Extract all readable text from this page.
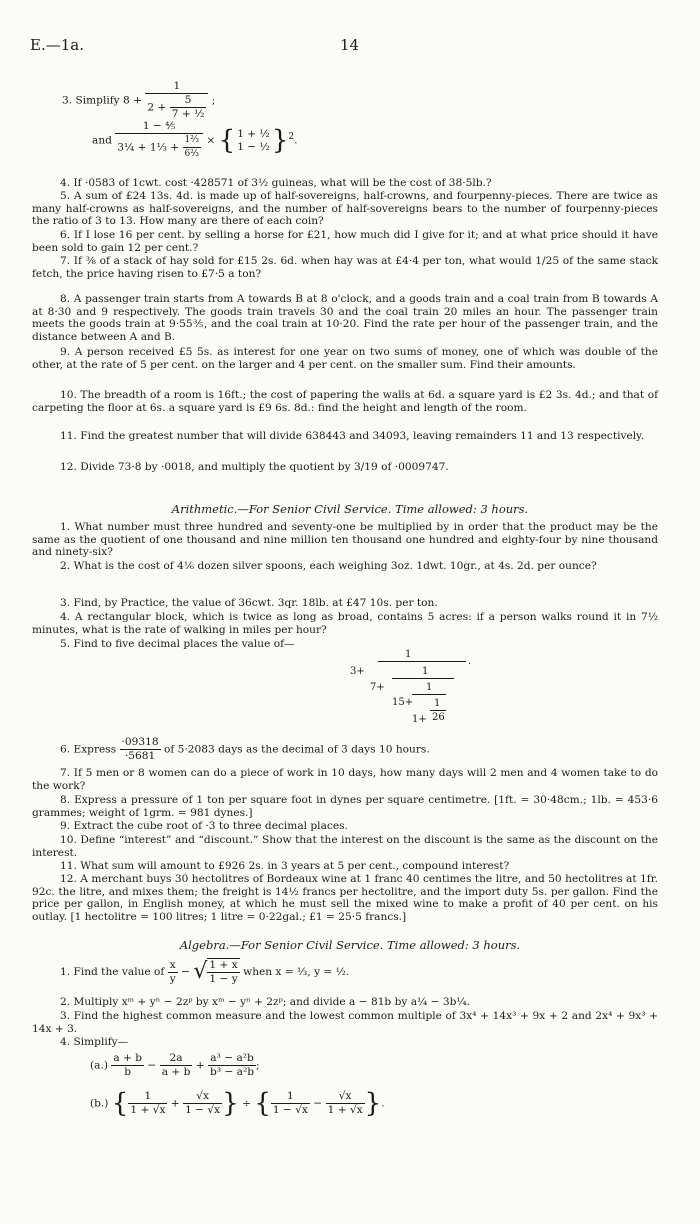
E.—1a.	14
3. Simplify $8 + \frac{1}{2 + \frac{5}{\text{7 + ½}}}$ ;
and $\frac{\text{1 − ⅘}}{3\frac{1}{4} + 1\frac{1}{3} + \frac{\text{1⅔}}{\text{6⅔}}}$ × { 1 + ½
1 − ½ }$^2$.
4. If ·0583 of 1cwt. cost ·428571 of 3½ guineas, what will be the cost of 38·5lb.?
5. A sum of £24 13s. 4d. is made up of half-sovereigns, half-crowns, and fourpenny-pieces. There are twice as many half-crowns as half-sovereigns, and the number of half-sovereigns bears to the number of fourpenny-pieces the ratio of 3 to 13. How many are there of each coin?
6. If I lose 16 per cent. by selling a horse for £21, how much did I give for it; and at what price should it have been sold to gain 12 per cent.?
7. If ⅜ of a stack of hay sold for £15 2s. 6d. when hay was at £4·4 per ton, what would 1/25 of the same stack fetch, the price having risen to £7·5 a ton?
8. A passenger train starts from A towards B at 8 o'clock, and a goods train and a coal train from B towards A at 8·30 and 9 respectively. The goods train travels 30 and the coal train 20 miles an hour. The passenger train meets the goods train at 9·55⅗, and the coal train at 10·20. Find the rate per hour of the passenger train, and the distance between A and B.
9. A person received £5 5s. as interest for one year on two sums of money, one of which was double of the other, at the rate of 5 per cent. on the larger and 4 per cent. on the smaller sum. Find their amounts.
10. The breadth of a room is 16ft.; the cost of papering the walls at 6d. a square yard is £2 3s. 4d.; and that of carpeting the floor at 6s. a square yard is £9 6s. 8d.: find the height and length of the room.
11. Find the greatest number that will divide 638443 and 34093, leaving remainders 11 and 13 respectively.
12. Divide 73·8 by ·0018, and multiply the quotient by 3/19 of ·0009747.
Arithmetic.—For Senior Civil Service. Time allowed: 3 hours.
1. What number must three hundred and seventy-one be multiplied by in order that the product may be the same as the quotient of one thousand and nine million ten thousand one hundred and eighty-four by nine thousand and ninety-six?
2. What is the cost of 4⅙ dozen silver spoons, each weighing 3oz. 1dwt. 10gr., at 4s. 2d. per ounce?
3. Find, by Practice, the value of 36cwt. 3qr. 18lb. at £47 10s. per ton.
4. A rectangular block, which is twice as long as broad, contains 5 acres: if a person walks round it in 7½ minutes, what is the rate of walking in miles per hour?
5. Find to five decimal places the value of—
3+
1
.
7+
1
15+
1
1+
1
26
6. Express $\frac{\cdot 09318}{\cdot 5681}$ of 5·2083 days as the decimal of 3 days 10 hours.
7. If 5 men or 8 women can do a piece of work in 10 days, how many days will 2 men and 4 women take to do the work?
8. Express a pressure of 1 ton per square foot in dynes per square centimetre. [1ft. = 30·48cm.; 1lb. = 453·6 grammes; weight of 1grm. = 981 dynes.]
9. Extract the cube root of ·3 to three decimal places.
10. Define “interest” and “discount.” Show that the interest on the discount is the same as the discount on the interest.
11. What sum will amount to £926 2s. in 3 years at 5 per cent., compound interest?
12. A merchant buys 30 hectolitres of Bordeaux wine at 1 franc 40 centimes the litre, and 50 hectolitres at 1fr. 92c. the litre, and mixes them; the freight is 14½ francs per hectolitre, and the import duty 5s. per gallon. Find the price per gallon, in English money, at which he must sell the mixed wine to make a profit of 40 per cent. on his outlay. [1 hectolitre = 100 litres; 1 litre = 0·22gal.; £1 = 25·5 francs.]
Algebra.—For Senior Civil Service. Time allowed: 3 hours.
1. Find the value of $\frac{x}{y}$ − √ $\frac{1 + x}{1 - y}$ when x = ⅓, y = ½.
2. Multiply xᵐ + yⁿ − 2zᵖ by xᵐ − yⁿ + 2zᵖ; and divide a − 81b by a¼ − 3b¼.
3. Find the highest common measure and the lowest common multiple of 3x⁴ + 14x³ + 9x + 2 and 2x⁴ + 9x³ + 14x + 3.
4. Simplify—
$(a.) \frac{a + b}{b} - \frac{2a}{a + b} + \frac{\text{a³ − a²b}}{\text{b³ − a²b}}$ ;
(b.) { $\frac{1}{1 + √x} + \frac{√x}{1 - √x}$ } ÷ { $\frac{1}{1 - √x} - \frac{√x}{1 + √x}$ }.
